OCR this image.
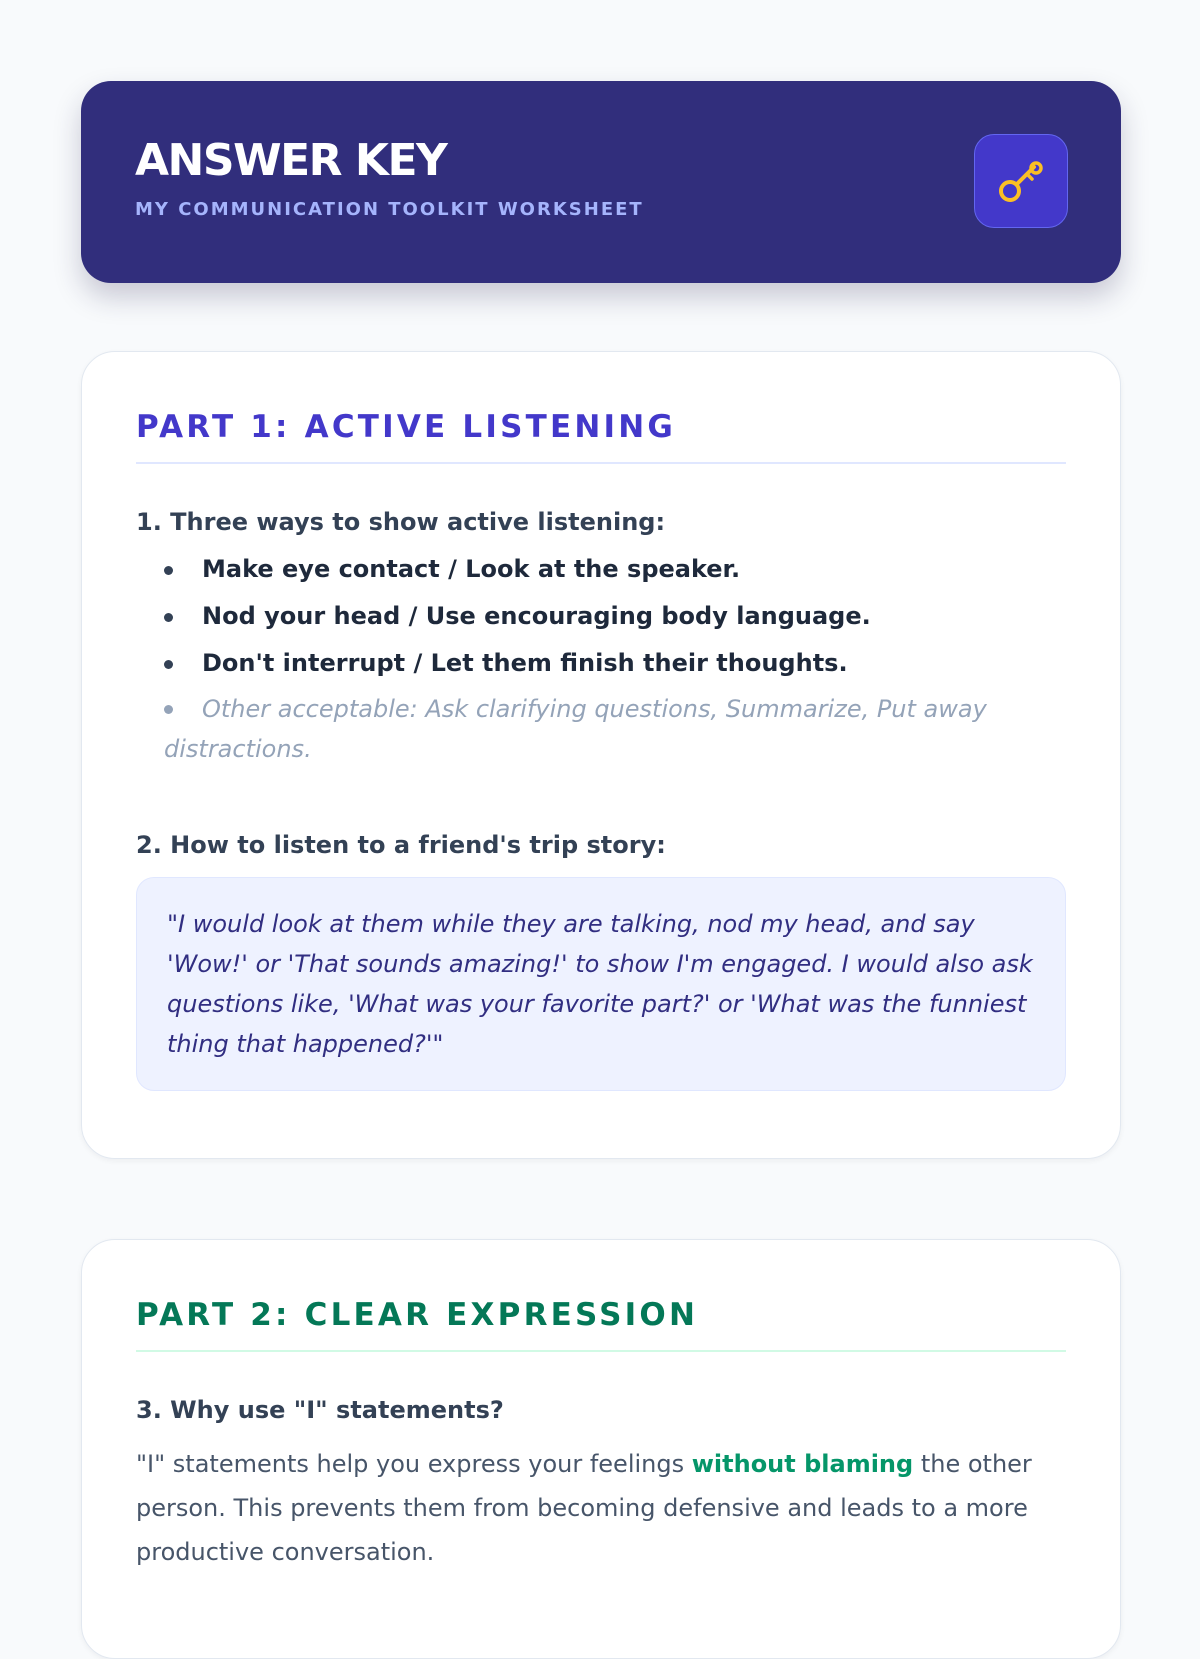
ANSWER KEY
MY COMMUNICATION TOOLKIT WORKSHEET
PART 1: ACTIVE LISTENING

1. Three ways to show active listening:

Make eye contact / Look at the speaker.
Nod your head / Use encouraging body language.
Don't interrupt / Let them finish their thoughts.
Other acceptable: Ask clarifying questions, Summarize, Put away distractions.

2. How to listen to a friend's trip story:

"I would look at them while they are talking, nod my head, and say 'Wow!' or 'That sounds amazing!' to show I'm engaged. I would also ask questions like, 'What was your favorite part?' or 'What was the funniest thing that happened?'"
PART 2: CLEAR EXPRESSION

3. Why use "I" statements?

"I" statements help you express your feelings without blaming the other person. This prevents them from becoming defensive and leads to a more productive conversation.
